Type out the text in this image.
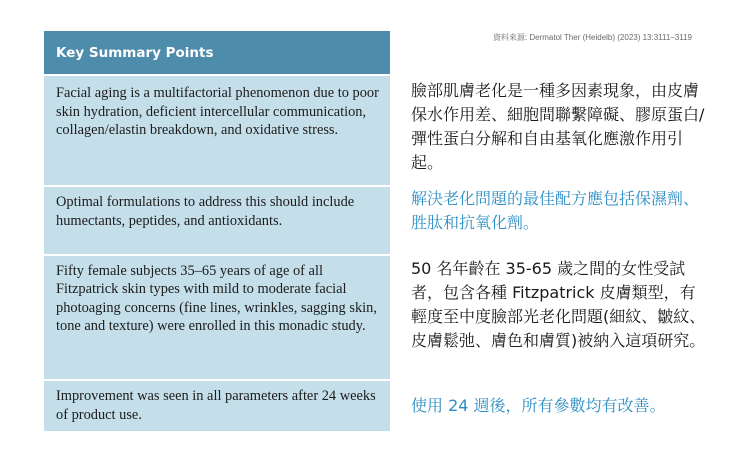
資料來源: Dermatol Ther (Heidelb) (2023) 13:3111–3119
Key Summary Points
Facial aging is a multifactorial phenomenon due to poor skin hydration, deficient intercellular communication, collagen/elastin breakdown, and oxidative stress.
Optimal formulations to address this should include humectants, peptides, and antioxidants.
Fifty female subjects 35–65 years of age of all Fitzpatrick skin types with mild to moderate facial photoaging concerns (fine lines, wrinkles, sagging skin, tone and texture) were enrolled in this monadic study.
Improvement was seen in all parameters after 24 weeks of product use.
臉部肌膚老化是一種多因素現象，由皮膚保水作用差、細胞間聯繫障礙、膠原蛋白/彈性蛋白分解和自由基氧化應激作用引起。
解決老化問題的最佳配方應包括保濕劑、胜肽和抗氧化劑。
50 名年齡在 35-65 歲之間的女性受試者，包含各種 Fitzpatrick 皮膚類型，有輕度至中度臉部光老化問題(細紋、皺紋、皮膚鬆弛、膚色和膚質)被納入這項研究。
使用 24 週後，所有參數均有改善。
